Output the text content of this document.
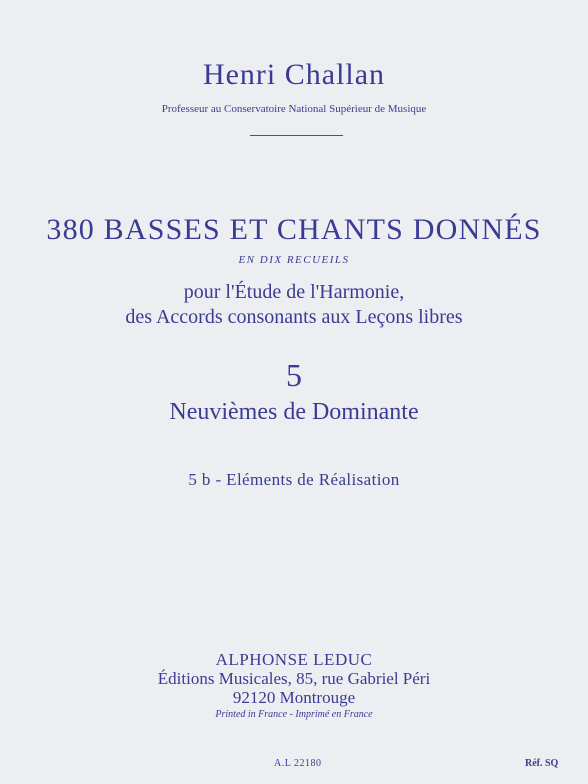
Henri Challan
Professeur au Conservatoire National Supérieur de Musique
380 BASSES ET CHANTS DONNÉS
EN DIX RECUEILS
pour l'Étude de l'Harmonie,
des Accords consonants aux Leçons libres
5
Neuvièmes de Dominante
5 b - Eléments de Réalisation
ALPHONSE LEDUC
Éditions Musicales, 85, rue Gabriel Péri
92120 Montrouge
Printed in France - Imprimé en France
A.L 22180	Réf. SQ
